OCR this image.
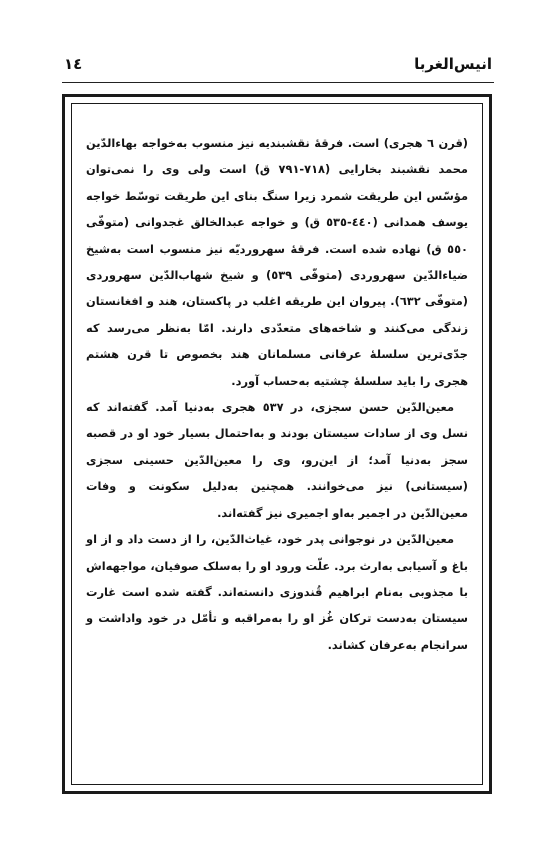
انیس‌الغربا
١٤

(قرن ٦ هجری) است. فرقهٔ نقشبندیه نیز منسوب به‌خواجه بهاءالدّین محمد نقشبند بخارایی (٧١٨-٧٩١ ق) است ولی وی را نمی‌توان مؤسّس این طریقت شمرد زیرا سنگ بنای این طریقت توسّط خواجه یوسف همدانی (٤٤٠-٥٣٥ ق) و خواجه عبدالخالق غجدوانی (متوفّی ٥٥٠ ق) نهاده شده است. فرقهٔ سهروردیّه نیز منسوب است به‌شیخ ضیاءالدّین سهروردی (متوفّی ٥٣٩) و شیخ شهاب‌الدّین سهروردی (متوفّی ٦٣٢). پیروان این طریقه اغلب در پاکستان، هند و افغانستان زندگی می‌کنند و شاخه‌های متعدّدی دارند. امّا به‌نظر می‌رسد که جدّی‌ترین سلسلهٔ عرفانی مسلمانان هند بخصوص تا قرن هشتم هجری را باید سلسلهٔ چشتیه به‌حساب آورد.

معین‌الدّین حسن سجزی، در ٥٣٧ هجری به‌دنیا آمد. گفته‌اند که نسل وی از سادات سیستان بودند و به‌احتمال بسیار خود او در قصبه سجز به‌دنیا آمد؛ از این‌رو، وی را معین‌الدّین حسینی سجزی (سیستانی) نیز می‌خوانند. همچنین به‌دلیل سکونت و وفات معین‌الدّین در اجمیر به‌او اجمیری نیز گفته‌اند.

معین‌الدّین در نوجوانی پدر خود، غیاث‌الدّین، را از دست داد و از او باغ و آسیابی به‌ارث برد. علّت ورود او را به‌سلک صوفیان، مواجهه‌اش با مجذوبی به‌نام ابراهیم قُندوزی دانسته‌اند. گفته شده است غارت سیستان به‌دست ترکان غُز او را به‌مراقبه و تأمّل در خود واداشت و سرانجام به‌عرفان کشاند.
